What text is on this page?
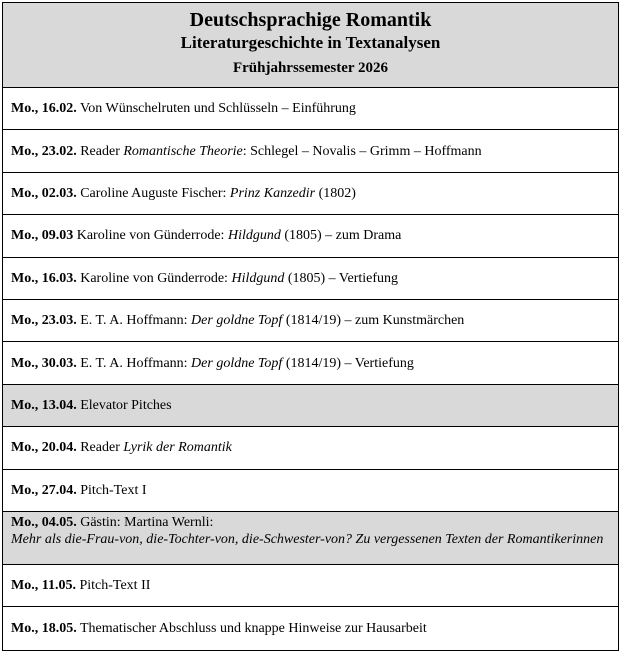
Deutschsprachige Romantik
Literaturgeschichte in Textanalysen
Frühjahrssemester 2026
Mo., 16.02. Von Wünschelruten und Schlüsseln – Einführung
Mo., 23.02. Reader Romantische Theorie: Schlegel – Novalis – Grimm – Hoffmann
Mo., 02.03. Caroline Auguste Fischer: Prinz Kanzedir (1802)
Mo., 09.03 Karoline von Günderrode: Hildgund (1805) – zum Drama
Mo., 16.03. Karoline von Günderrode: Hildgund (1805) – Vertiefung
Mo., 23.03. E. T. A. Hoffmann: Der goldne Topf (1814/19) – zum Kunstmärchen
Mo., 30.03. E. T. A. Hoffmann: Der goldne Topf (1814/19) – Vertiefung
Mo., 13.04. Elevator Pitches
Mo., 20.04. Reader Lyrik der Romantik
Mo., 27.04. Pitch-Text I
Mo., 04.05. Gästin: Martina Wernli:
Mehr als die-Frau-von, die-Tochter-von, die-Schwester-von? Zu vergessenen Texten der Romantikerinnen
Mo., 11.05. Pitch-Text II
Mo., 18.05. Thematischer Abschluss und knappe Hinweise zur Hausarbeit
